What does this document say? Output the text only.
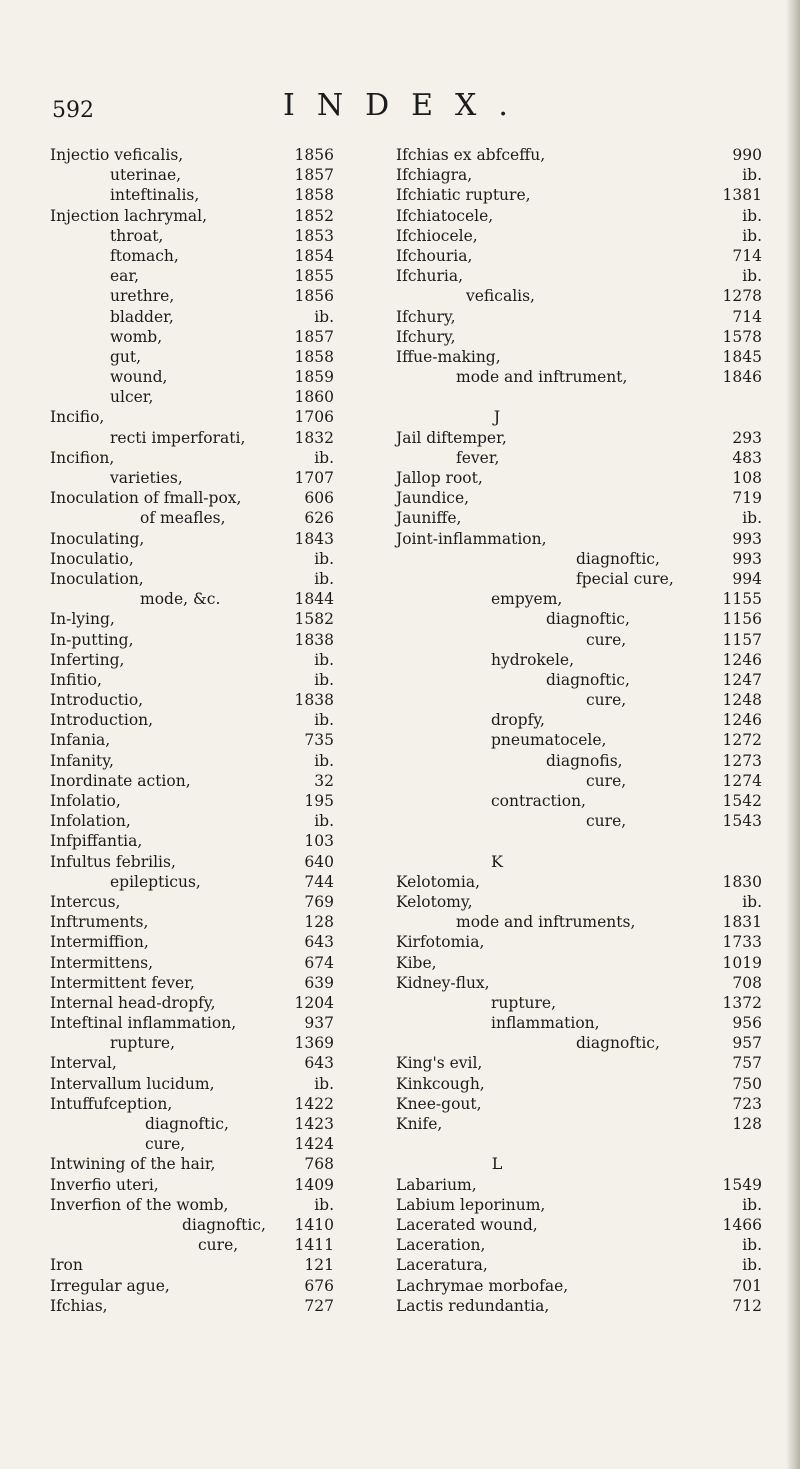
592	INDEX.
Injectio veficalis,	1856
uterinae,	1857
inteftinalis,	1858
Injection lachrymal,	1852
throat,	1853
ftomach,	1854
ear,	1855
urethre,	1856
bladder,	ib.
womb,	1857
gut,	1858
wound,	1859
ulcer,	1860
Incifio,	1706
recti imperforati,	1832
Incifion,	ib.
varieties,	1707
Inoculation of fmall-pox,	606
of meafles,	626
Inoculating,	1843
Inoculatio,	ib.
Inoculation,	ib.
mode, &c.	1844
In-lying,	1582
In-putting,	1838
Inferting,	ib.
Infitio,	ib.
Introductio,	1838
Introduction,	ib.
Infania,	735
Infanity,	ib.
Inordinate action,	32
Infolatio,	195
Infolation,	ib.
Infpiffantia,	103
Infultus febrilis,	640
epilepticus,	744
Intercus,	769
Inftruments,	128
Intermiffion,	643
Intermittens,	674
Intermittent fever,	639
Internal head-dropfy,	1204
Inteftinal inflammation,	937
rupture,	1369
Interval,	643
Intervallum lucidum,	ib.
Intuffufception,	1422
diagnoftic,	1423
cure,	1424
Intwining of the hair,	768
Inverfio uteri,	1409
Inverfion of the womb,	ib.
diagnoftic, 1410
cure,	1411
Iron	121
Irregular ague,	676
Ifchias,	727
Ifchias ex abfceffu,	990
Ifchiagra,	ib.
Ifchiatic rupture,	1381
Ifchiatocele,	ib.
Ifchiocele,	ib.
Ifchouria,	714
Ifchuria,	ib.
veficalis,	1278
Ifchury,	714
Ifchury,	1578
Iffue-making,	1845
mode and inftrument,	1846
J
Jail diftemper,	293
fever,	483
Jallop root,	108
Jaundice,	719
Jauniffe,	ib.
Joint-inflammation,	993
diagnoftic,	993
fpecial cure,	994
empyem,	1155
diagnoftic,	1156
cure,	1157
hydrokele,	1246
diagnoftic,	1247
cure,	1248
dropfy,	1246
pneumatocele,	1272
diagnofis,	1273
cure,	1274
contraction,	1542
cure,	1543
K
Kelotomia,	1830
Kelotomy,	ib.
mode and inftruments,	1831
Kirfotomia,	1733
Kibe,	1019
Kidney-flux,	708
rupture,	1372
inflammation,	956
diagnoftic,	957
King's evil,	757
Kinkcough,	750
Knee-gout,	723
Knife,	128
L
Labarium,	1549
Labium leporinum,	ib.
Lacerated wound,	1466
Laceration,	ib.
Laceratura,	ib.
Lachrymae morbofae,	701
Lactis redundantia,	712
